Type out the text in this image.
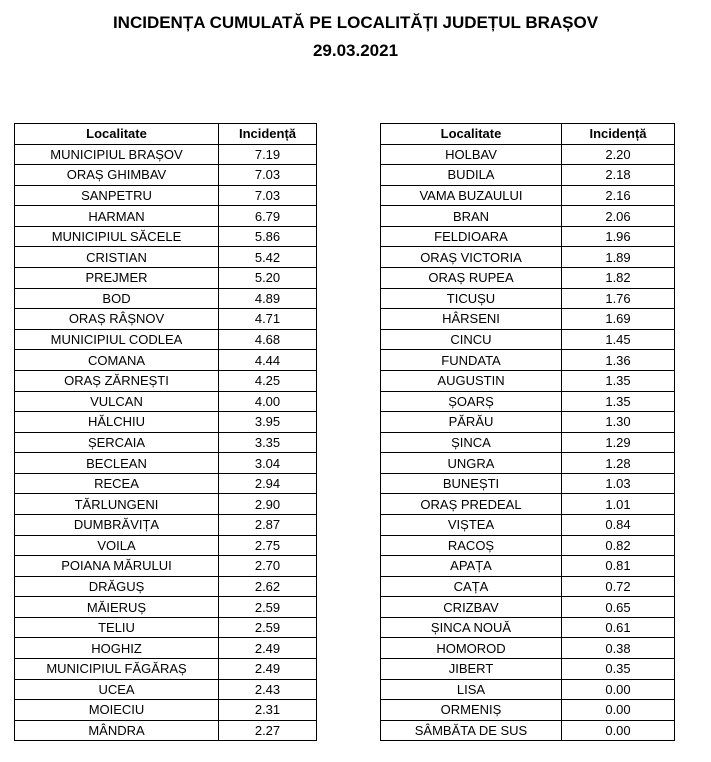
INCIDENȚA CUMULATĂ PE LOCALITĂȚI JUDEȚUL BRAȘOV
29.03.2021
Localitate	Incidență
MUNICIPIUL BRAȘOV	7.19
ORAȘ GHIMBAV	7.03
SANPETRU	7.03
HARMAN	6.79
MUNICIPIUL SĂCELE	5.86
CRISTIAN	5.42
PREJMER	5.20
BOD	4.89
ORAȘ RÂȘNOV	4.71
MUNICIPIUL CODLEA	4.68
COMANA	4.44
ORAȘ ZĂRNEȘTI	4.25
VULCAN	4.00
HĂLCHIU	3.95
ȘERCAIA	3.35
BECLEAN	3.04
RECEA	2.94
TĂRLUNGENI	2.90
DUMBRĂVIȚA	2.87
VOILA	2.75
POIANA MĂRULUI	2.70
DRĂGUȘ	2.62
MĂIERUȘ	2.59
TELIU	2.59
HOGHIZ	2.49
MUNICIPIUL FĂGĂRAȘ	2.49
UCEA	2.43
MOIECIU	2.31
MÂNDRA	2.27
Localitate	Incidență
HOLBAV	2.20
BUDILA	2.18
VAMA BUZAULUI	2.16
BRAN	2.06
FELDIOARA	1.96
ORAȘ VICTORIA	1.89
ORAȘ RUPEA	1.82
TICUȘU	1.76
HÂRSENI	1.69
CINCU	1.45
FUNDATA	1.36
AUGUSTIN	1.35
ȘOARȘ	1.35
PĂRĂU	1.30
ȘINCA	1.29
UNGRA	1.28
BUNEȘTI	1.03
ORAȘ PREDEAL	1.01
VIȘTEA	0.84
RACOȘ	0.82
APAȚA	0.81
CAȚA	0.72
CRIZBAV	0.65
ȘINCA NOUĂ	0.61
HOMOROD	0.38
JIBERT	0.35
LISA	0.00
ORMENIȘ	0.00
SÂMBĂTA DE SUS	0.00
